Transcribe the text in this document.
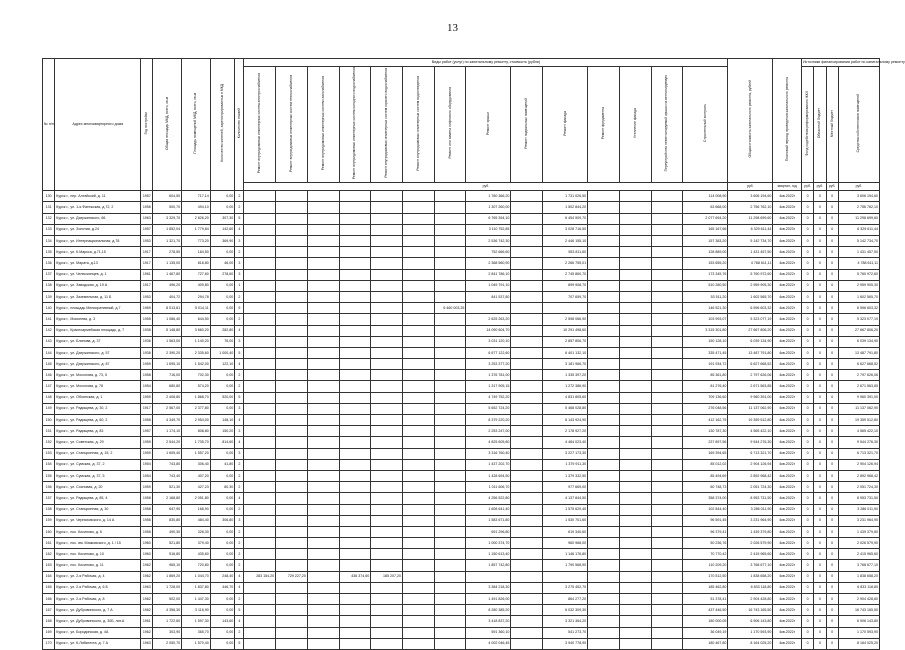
13
№ п/п	Адрес многоквартирного дома	Год постройки	Общая площадь МКД, всего, кв.м	Площадь помещений МКД, всего, кв.м	Количество жителей, зарегистрированных в МКД	Количество этажей	Виды работ (услуг) по капитальному ремонту, стоимость (рубли)														Общая стоимость капитального ремонта, рублей	Плановый период проведения капитального ремонта	Источники финансирования работ по капитальному ремонту			
							Ремонт внутридомовых инженерных систем электроснабжения	Ремонт внутридомовых инженерных систем теплоснабжения	Ремонт внутридомовых инженерных систем газоснабжения	Ремонт внутридомовых инженерных систем холодного водоснабжения	Ремонт внутридомовых инженерных систем горячего водоснабжения	Ремонт внутридомовых инженерных систем водоотведения	Ремонт или замена лифтового оборудования	Ремонт крыши	Ремонт подвальных помещений	Ремонт фасада	Ремонт фундамента	Утепление фасада	Переустройство невентилируемой крыши на вентилируемую	Строительный контроль			Фонд содействия реформированию ЖКХ	Областной бюджет	Местный бюджет	Средства собственников помещений
							руб.														руб.	квартал, год	руб.	руб.	руб.	руб.
130	Курск г., пер. Алтайский, д. 11	1957	604,50	717,14	0,00	2								1 760 366,20		1 731 026,50				114 008,90	3 606 194,60	4кв.2022г	0	0	0	3 606 194,60
131	Курск г., ул. 1-я Фатежская, д.72, 2	1956	500,70	494,10	0,00	2								1 307 260,00		1 502 844,20				63 668,00	2 756 762,10	4кв.2023г	0	0	0	2 756 762,10
132	Курск г., ул. Дзержинского, 66	1963	3 329,70	2 826,20	307,30	5								6 765 394,10		6 454 509,70				2 077 694,20	11 298 699,60	4кв.2022г	0	0	0	11 298 699,60
133	Курск г., ул. Золотая, д.24	1957	1 852,04	1 779,84	142,60	4								3 110 752,85		3 028 716,50				165 167,66	6 329 611,44	4кв.2023г	0	0	0	6 329 611,44
134	Курск г., ул. Интернациональная, д.78	1953	1 321,70	773,20	369,90	3								2 536 742,30		2 446 155,10				157 383,20	5 142 734,70	4кв.2022г	0	0	0	5 142 734,70
135	Курск г., ул. К.Маркса, д.71,15	1917	278,50	184,50	0,00	2								752 666,60		553 811,60				128 889,00	1 431 457,50	4кв.2023г	0	0	0	1 431 457,50
136	Курск г., ул. Марата, д.13	1917	1 135,00	818,80	46,00	3								2 368 560,90		2 266 755,01				153 655,20	4 788 611,11	4кв.2022г	0	0	0	4 788 611,11
137	Курск г., ул. Челюскинцев, д. 1	1961	1 467,80	727,60	278,60	3								2 841 786,10		2 745 860,70				173 345,76	5 760 972,60	4кв.2022г	0	0	0	5 760 972,60
138	Курск г., ул. Заводская, д. 19 А	1917	496,20	409,80	0,00	1								1 049 791,10		899 908,70				510 280,50	2 959 905,30	4кв.2022г	0	0	0	2 959 905,30
139	Курск г., ул. Заземельная, д. 11 Б	1953	404,72	294,78	0,00	2								841 537,80		707 659,70				53 511,20	1 602 565,70	4кв.2022г	0	0	0	1 602 565,70
140	Курск г., площадь Мелиоративный, д.7	1969	8 013,81	5 014,11	0,00	9							6 460 003,25							146 521,30	6 596 603,32	4кв.2022г	0	0	0	6 596 603,32
141	Курск г., Моисеева, д. 3	1955	1 086,40	644,50	0,00	2								2 625 263,20		2 598 066,90				103 993,07	5 323 077,19	4кв.2022г	0	0	0	5 323 077,19
142	Курск г., Красноармейская площадь, д. 7	1936	5 148,80	3 660,20	282,80	4								14 090 604,70		10 291 498,60				3 315 301,80	27 667 806,20	4кв.2022г	0	0	0	27 667 806,20
143	Курск г., ул. Блинова, д. 37	1936	1 563,00	1 140,20	76,00	3								3 031 120,10		2 857 806,70				150 128,10	6 039 134,90	4кв.2022г	0	0	0	6 039 134,90
144	Курск г., ул. Дзержинского, д. 57	1936	2 390,20	2 335,60	1 000,40	5								6 677 122,60		6 401 132,10				335 471,45	13 487 791,80	4кв.2022г	0	0	0	13 487 791,80
145	Курск г., ул. Дзержинского, д. 87	1959	1 695,10	1 542,00	122,10	4								3 253 377,20		3 181 966,70				191 934,72	6 627 668,52	4кв.2022г	0	0	0	6 627 668,52
146	Курск г., ул. Мосолова, д. 73, 5	1958	716,00	702,30	0,00	2								1 376 781,00		1 335 397,20				85 361,80	2 797 626,06	4кв.2022г	0	0	0	2 797 626,06
147	Курск г., ул. Мосолова, д. 78	1954	680,80	574,20	0,00	2								1 317 905,15		1 272 386,90				81 276,40	2 671 563,85	4кв.2022г	0	0	0	2 671 563,85
148	Курск г., ул. Обоянская, д. 1	1959	2 408,80	1 868,70	520,00	5								4 749 752,20		4 831 805,60				709 136,60	9 960 391,00	4кв.2022г	0	0	0	9 960 391,00
149	Курск г., ул. Радищева, д. 30, 2	1917	2 567,00	2 377,80	0,00	3								5 652 724,20		5 468 028,80				276 048,56	11 137 062,90	4кв.2022г	0	0	0	11 137 062,90
150	Курск г., ул. Радищева, д. 60, 2	1958	4 349,70	2 954,00	148,10	4								8 379 220,20		8 143 924,90				412 162,75	19 359 512,80	4кв.2022г	0	0	0	19 359 512,80
151	Курск г., ул. Радищева, д. 83	1957	1 174,10	808,80	150,20	3								2 253 247,00		2 178 927,20				130 787,30	4 565 422,10	4кв.2022г	0	0	0	4 565 422,10
152	Курск г., ул. Советская, д. 29	1959	2 544,20	1 735,70	814,60	4								4 825 605,80		4 484 023,40				237 897,56	9 544 276,30	4кв.2022г	0	0	0	9 544 276,30
153	Курск г., ул. Станционная, д. 15, 2	1959	1 605,40	1 557,20	0,00	3								3 316 760,40		3 227 173,30				169 394,65	6 713 321,70	4кв.2022г	0	0	0	6 713 321,70
154	Курск г., ул. Сумская, д. 37, 2	1954	743,80	306,40	41,80	2								1 437 202,70		1 379 911,30				85 012,02	2 904 126,94	4кв.2022г	0	0	0	2 904 126,94
155	Курск г., ул. Сумская, д. 37, 5	1954	743,40	407,20	0,00	2								1 428 694,50		1 379 332,50				85 494,69	2 892 968,42	4кв.2022г	0	0	0	2 892 968,42
156	Курск г., ул. Сосновая, д. 20	1959	521,30	427,23	80,30	2								1 011 606,70		977 669,00				60 748,73	2 051 724,30	4кв.2022г	0	0	0	2 051 724,30
157	Курск г., ул. Радищева, д. 85, 4	1958	2 168,80	2 051,80	0,00	4								4 256 522,80		4 137 844,50				358 374,00	8 953 731,50	4кв.2022г	0	0	0	8 953 731,50
158	Курск г., ул. Станционная, д. 30	1958	647,90	168,90	0,00	2								1 608 641,40		1 575 620,40				102 844,40	3 286 011,90	4кв.2022г	0	0	0	3 286 011,90
159	Курск г., ул. Черняховского, д. 14 А	1956	830,80	484,40	306,80	3								1 583 671,80		1 530 701,60				96 591,45	3 231 964,90	4кв.2022г	0	0	0	3 231 964,90
160	Курск г., пос. Косиново, д. 6	1958	490,30	328,30	0,00	2								691 296,80		619 340,60				96 379,41	1 439 379,80	4кв.2022г	0	0	0	1 439 379,80
161	Курск г., пос. им. Маяковского, д. 1 / 15	1960	521,80	379,40	0,00	2								1 000 374,70		960 968,00				50 236,76	2 026 579,90	4кв.2022г	0	0	0	2 026 579,90
162	Курск г., пос. Косиново, д. 10	1960	516,80	435,60	0,00	2								1 150 613,40		1 146 176,80				70 770,42	2 415 965,60	4кв.2022г	0	0	0	2 415 965,60
163	Курск г., пос. Косиново, д. 11	1962	965,10	720,80	0,00	2								1 857 742,80		1 790 568,90				110 209,20	3 768 677,10	4кв.2022г	0	0	0	3 768 677,10
164	Курск г., ул. 2-я Рабочая, д. 4	1962	1 869,20	1 044,70	248,40	4	283 154,20	729 227,20		436 374,60	185 207,20									170 512,50	1 838 658,20	4кв.2022г	0	0	0	1 838 658,20
165	Курск г., ул. 2-я Рабочая, д. 6 Б	1963	1 728,00	1 837,80	446,70	4								3 384 218,30		3 275 452,70				185 462,80	6 833 118,80	4кв.2022г	0	0	0	6 833 118,80
166	Курск г., ул. 2-я Рабочая, д. 8	1962	502,00	1 447,30	0,00	2								1 491 826,00		864 277,20				51 378,41	2 904 428,80	4кв.2022г	0	0	0	2 904 428,80
167	Курск г., ул. Дубровинского, д. 7 А	1962	4 356,30	3 116,90	0,00	5								8 280 385,20		6 032 309,30				437 446,50	16 743 165,50	4кв.2022г	0	0	0	16 743 165,50
168	Курск г., ул. Дубровинского, д. 30Б, лит.А	1961	1 722,60	1 597,30	143,60	4								3 418 837,20		3 321 364,20				180 000,05	6 906 143,80	4кв.2022г	0	0	0	6 906 143,80
169	Курск г., ул. Бородинская, д. 4А	1962	303,90	365,70	0,00	2								591 360,10		541 273,70				36 049,19	1 170 593,90	4кв.2022г	0	0	0	1 170 593,90
170	Курск г., ул. К.Либкнехта, д. 7 А	1963	2 050,70	1 570,40	0,00	5								4 002 046,45		3 940 778,90				180 467,80	8 164 025,20	4кв.2022г	0	0	0	8 164 025,20
